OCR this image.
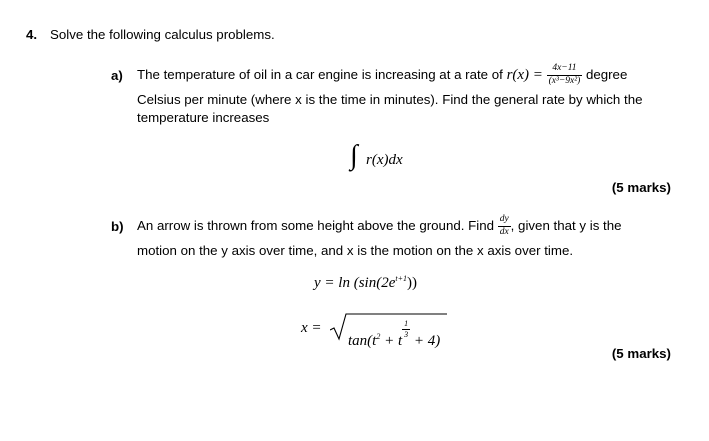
4. Solve the following calculus problems.
a) The temperature of oil in a car engine is increasing at a rate of $r(x) = \frac{4x-11}{\text{(x³−9x²)}}$ degree
Celsius per minute (where x is the time in minutes). Find the general rate by which the
temperature increases
∫ r(x)dx
(5 marks)
b) An arrow is thrown from some height above the ground. Find $\frac{dy}{dx}$ , given that y is the
motion on the y axis over time, and x is the motion on the x axis over time.
$y = \ln (\sin(2e^{t+1}))$
x =
$\tan(t^2 + t$
$\frac{1}{3}$
+ 4)
(5 marks)
